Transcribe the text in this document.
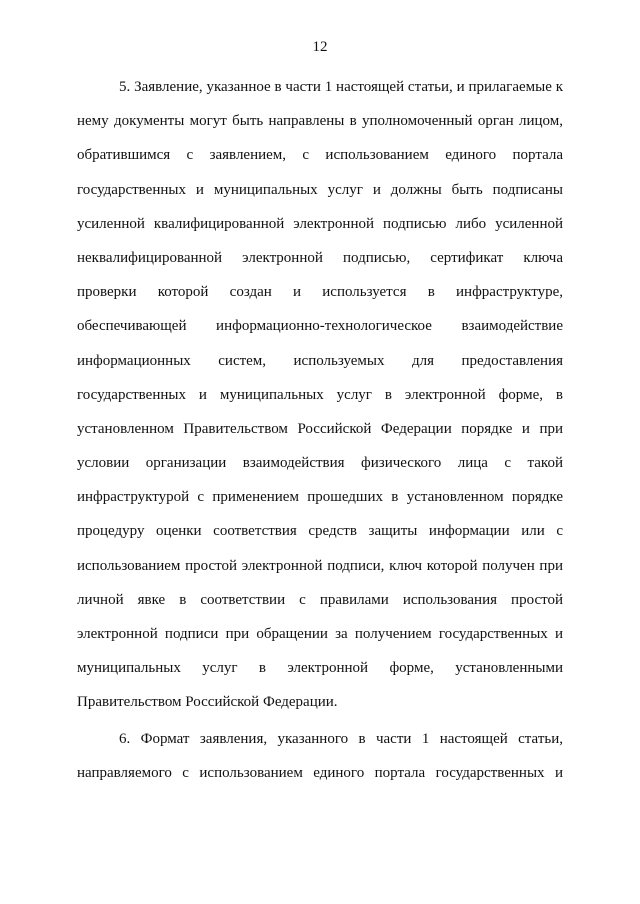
12
5. Заявление, указанное в части 1 настоящей статьи, и прилагаемые к
нему документы могут быть направлены в уполномоченный орган лицом,
обратившимся с заявлением, с использованием единого портала
государственных и муниципальных услуг и должны быть подписаны
усиленной квалифицированной электронной подписью либо усиленной
неквалифицированной электронной подписью, сертификат ключа
проверки которой создан и используется в инфраструктуре,
обеспечивающей информационно-технологическое взаимодействие
информационных систем, используемых для предоставления
государственных и муниципальных услуг в электронной форме, в
установленном Правительством Российской Федерации порядке и при
условии организации взаимодействия физического лица с такой
инфраструктурой с применением прошедших в установленном порядке
процедуру оценки соответствия средств защиты информации или с
использованием простой электронной подписи, ключ которой получен при
личной явке в соответствии с правилами использования простой
электронной подписи при обращении за получением государственных и
муниципальных услуг в электронной форме, установленными
Правительством Российской Федерации.
6. Формат заявления, указанного в части 1 настоящей статьи,
направляемого с использованием единого портала государственных и
